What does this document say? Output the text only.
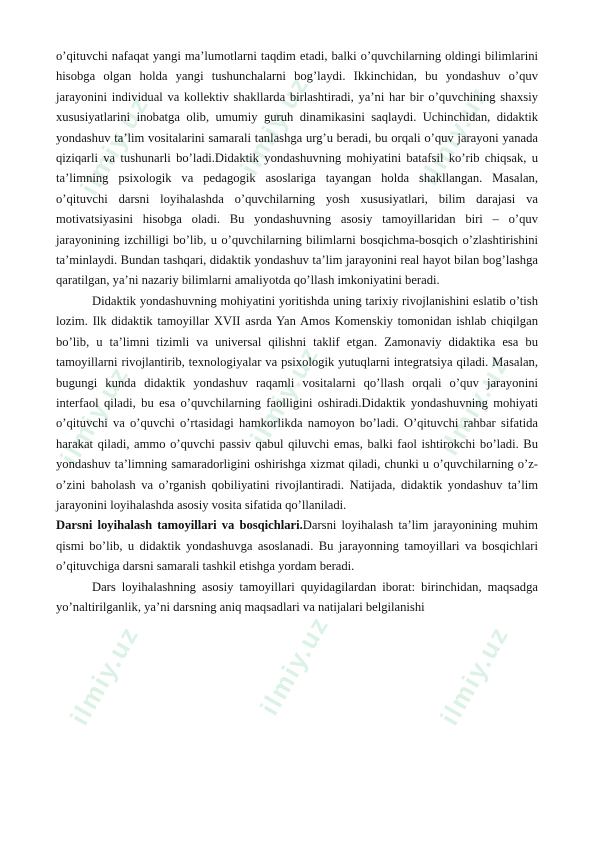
ilmiy.uz	ilmiy.uz	ilmiy.uz
ilmiy.uz	ilmiy.uz	ilmiy.uz
ilmiy.uz	ilmiy.uz	ilmiy.uz

o’qituvchi nafaqat yangi ma’lumotlarni taqdim etadi, balki o’quvchilarning oldingi bilimlarini hisobga olgan holda yangi tushunchalarni bog’laydi. Ikkinchidan, bu yondashuv o’quv jarayonini individual va kollektiv shakllarda birlashtiradi, ya’ni har bir o’quvchining shaxsiy xususiyatlarini inobatga olib, umumiy guruh dinamikasini saqlaydi. Uchinchidan, didaktik yondashuv ta’lim vositalarini samarali tanlashga urg’u beradi, bu orqali o’quv jarayoni yanada qiziqarli va tushunarli bo’ladi.Didaktik yondashuvning mohiyatini batafsil ko’rib chiqsak, u ta’limning psixologik va pedagogik asoslariga tayangan holda shakllangan. Masalan, o’qituvchi darsni loyihalashda o’quvchilarning yosh xususiyatlari, bilim darajasi va motivatsiyasini hisobga oladi. Bu yondashuvning asosiy tamoyillaridan biri – o’quv jarayonining izchilligi bo’lib, u o’quvchilarning bilimlarni bosqichma-bosqich o’zlashtirishini ta’minlaydi. Bundan tashqari, didaktik yondashuv ta’lim jarayonini real hayot bilan bog’lashga qaratilgan, ya’ni nazariy bilimlarni amaliyotda qo’llash imkoniyatini beradi.

Didaktik yondashuvning mohiyatini yoritishda uning tarixiy rivojlanishini eslatib o’tish lozim. Ilk didaktik tamoyillar XVII asrda Yan Amos Komenskiy tomonidan ishlab chiqilgan bo’lib, u ta’limni tizimli va universal qilishni taklif etgan. Zamonaviy didaktika esa bu tamoyillarni rivojlantirib, texnologiyalar va psixologik yutuqlarni integratsiya qiladi. Masalan, bugungi kunda didaktik yondashuv raqamli vositalarni qo’llash orqali o’quv jarayonini interfaol qiladi, bu esa o’quvchilarning faolligini oshiradi.Didaktik yondashuvning mohiyati o’qituvchi va o’quvchi o’rtasidagi hamkorlikda namoyon bo’ladi. O’qituvchi rahbar sifatida harakat qiladi, ammo o’quvchi passiv qabul qiluvchi emas, balki faol ishtirokchi bo’ladi. Bu yondashuv ta’limning samaradorligini oshirishga xizmat qiladi, chunki u o’quvchilarning o’z-o’zini baholash va o’rganish qobiliyatini rivojlantiradi. Natijada, didaktik yondashuv ta’lim jarayonini loyihalashda asosiy vosita sifatida qo’llaniladi.

Darsni loyihalash tamoyillari va bosqichlari.Darsni loyihalash ta’lim jarayonining muhim qismi bo’lib, u didaktik yondashuvga asoslanadi. Bu jarayonning tamoyillari va bosqichlari o’qituvchiga darsni samarali tashkil etishga yordam beradi.

Dars loyihalashning asosiy tamoyillari quyidagilardan iborat: birinchidan, maqsadga yo’naltirilganlik, ya’ni darsning aniq maqsadlari va natijalari belgilanishi
